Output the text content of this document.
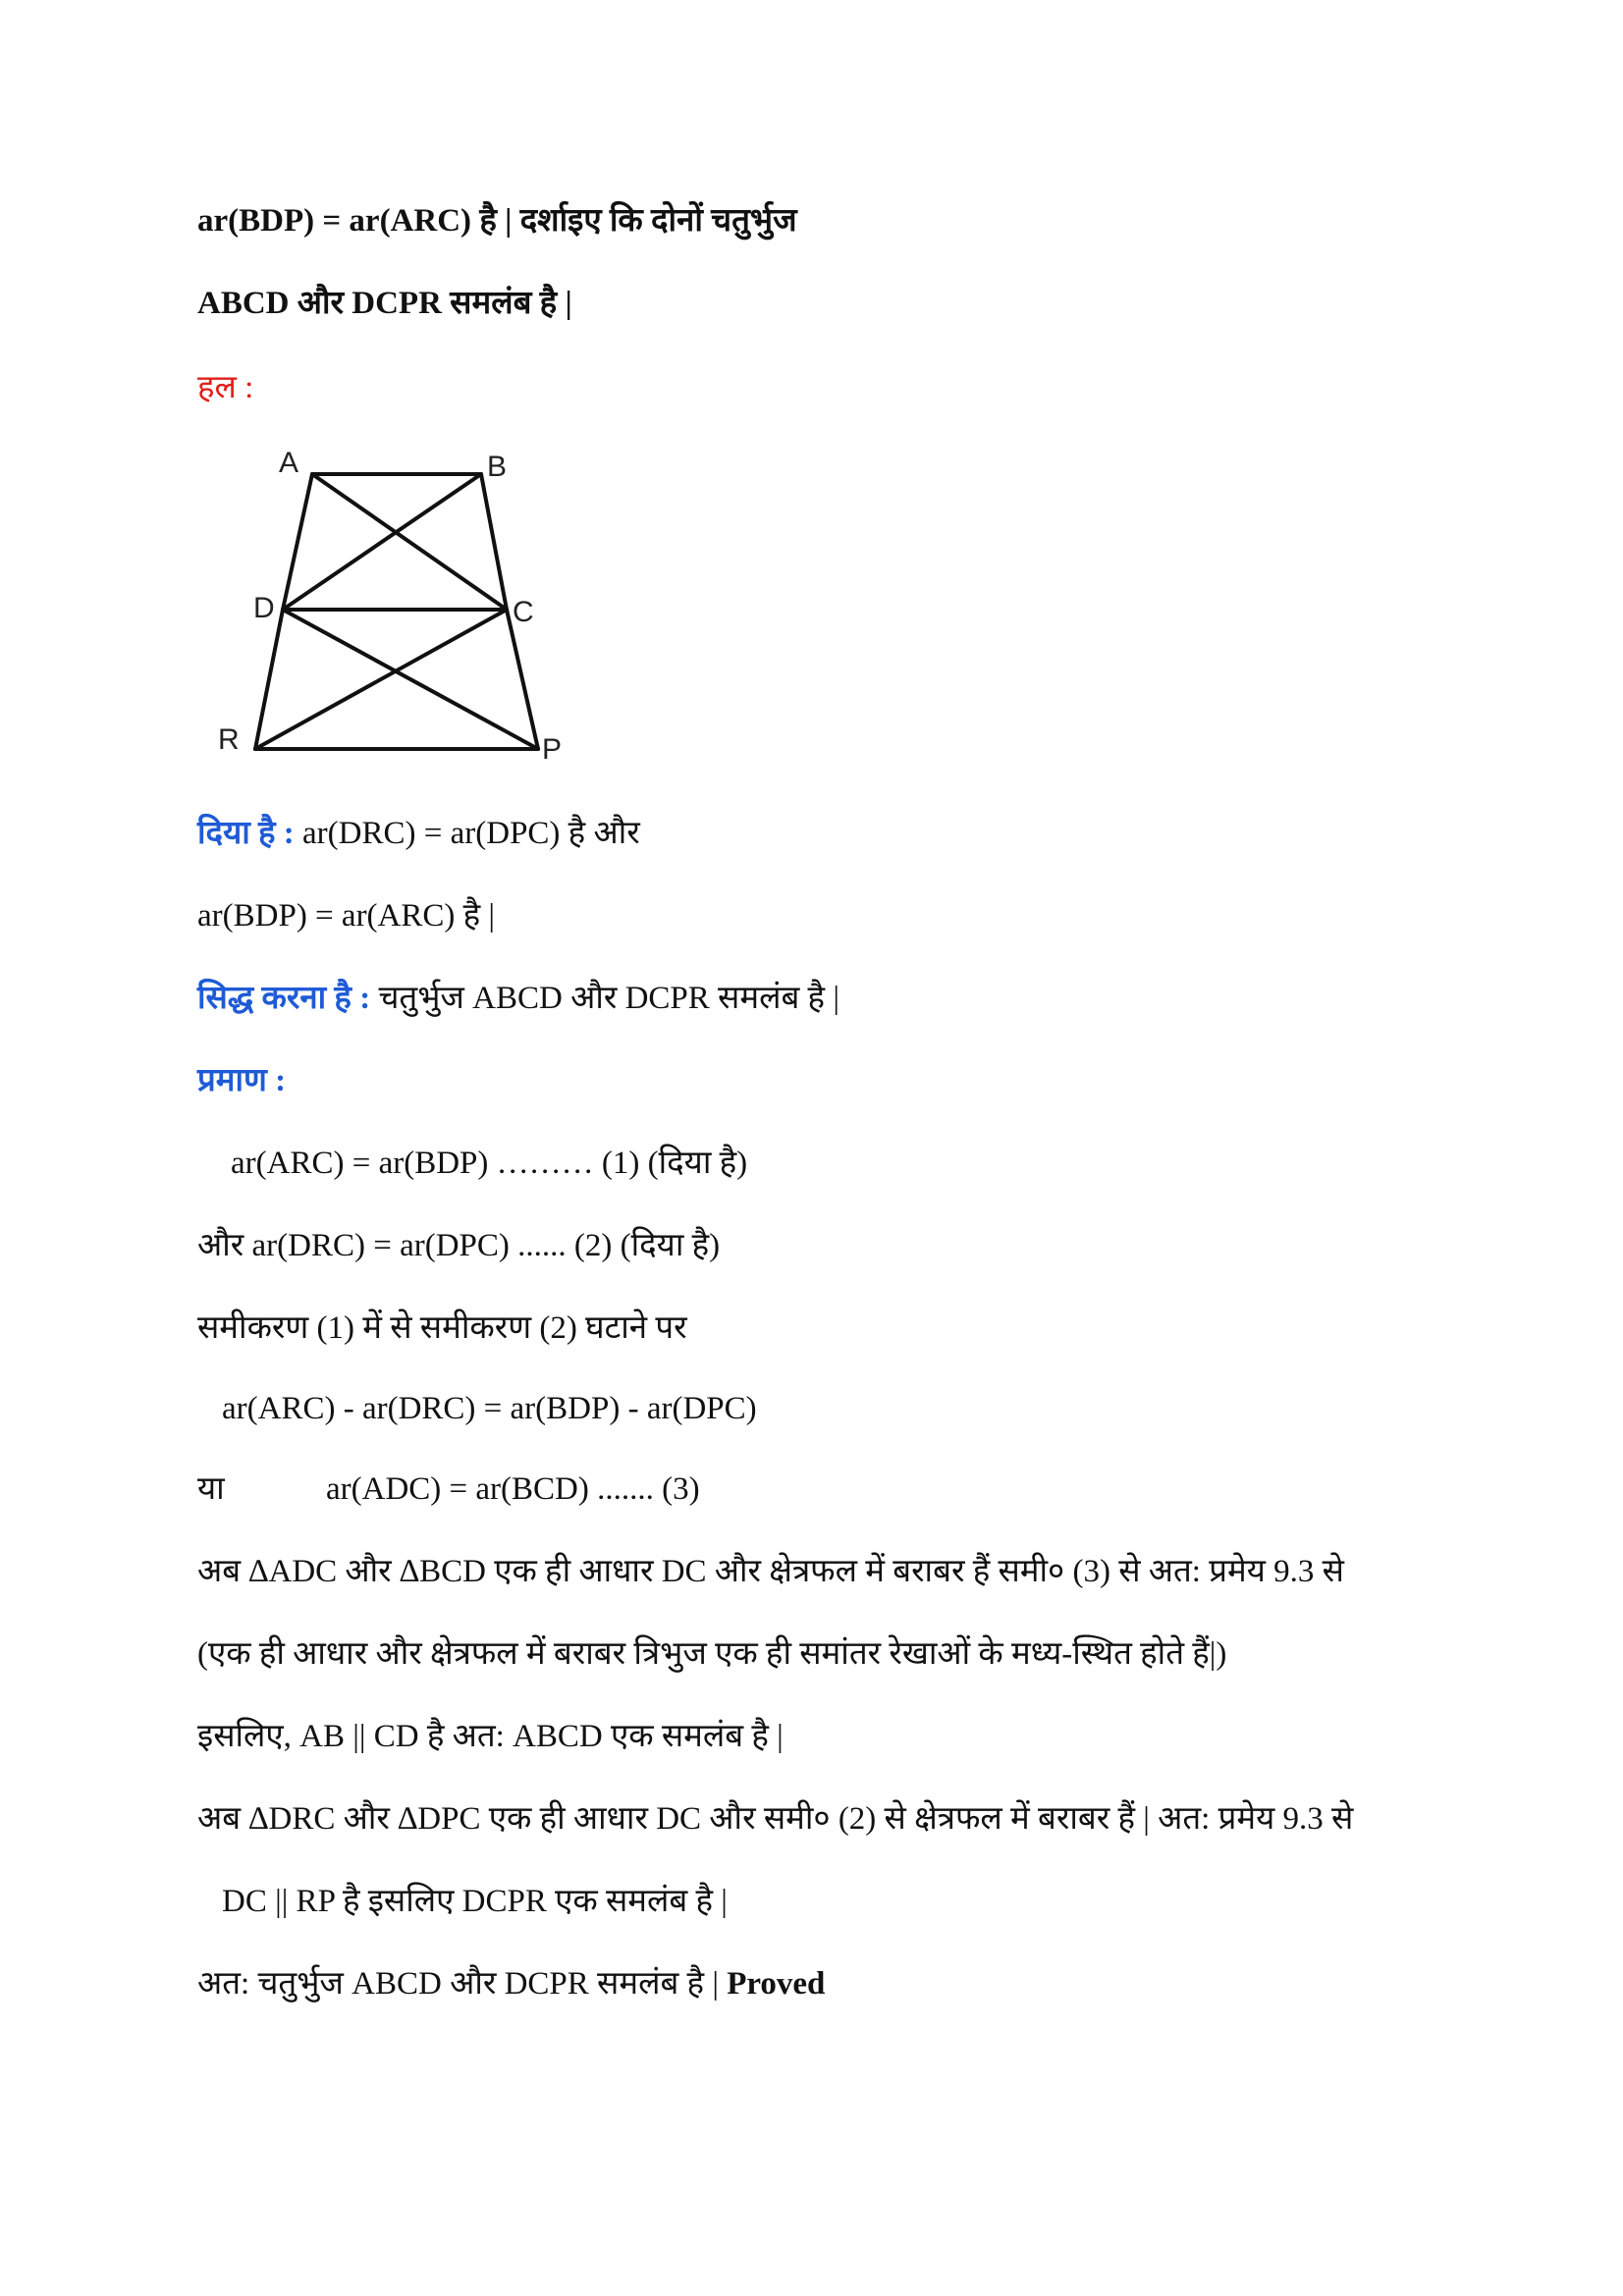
ar(BDP) = ar(ARC) है | दर्शाइए कि दोनों चतुर्भुज
ABCD और DCPR समलंब है |
हल :
A	B
C
D
R	P
दिया है : ar(DRC) = ar(DPC) है और
ar(BDP) = ar(ARC) है |
सिद्ध करना है : चतुर्भुज ABCD और DCPR समलंब है |
प्रमाण :
ar(ARC) = ar(BDP) ……… (1) (दिया है)
और ar(DRC) = ar(DPC) ...... (2) (दिया है)
समीकरण (1) में से समीकरण (2) घटाने पर
ar(ARC) - ar(DRC) = ar(BDP) - ar(DPC)
या	ar(ADC) = ar(BCD) ....... (3)
अब ∆ADC और ∆BCD एक ही आधार DC और क्षेत्रफल में बराबर हैं समी० (3) से अत: प्रमेय 9.3 से
(एक ही आधार और क्षेत्रफल में बराबर त्रिभुज एक ही समांतर रेखाओं के मध्य-स्थित होते हैं|)
इसलिए, AB || CD है अत: ABCD एक समलंब है |
अब ∆DRC और ∆DPC एक ही आधार DC और समी० (2) से क्षेत्रफल में बराबर हैं | अत: प्रमेय 9.3 से
DC || RP है इसलिए DCPR एक समलंब है |
अत: चतुर्भुज ABCD और DCPR समलंब है | Proved
